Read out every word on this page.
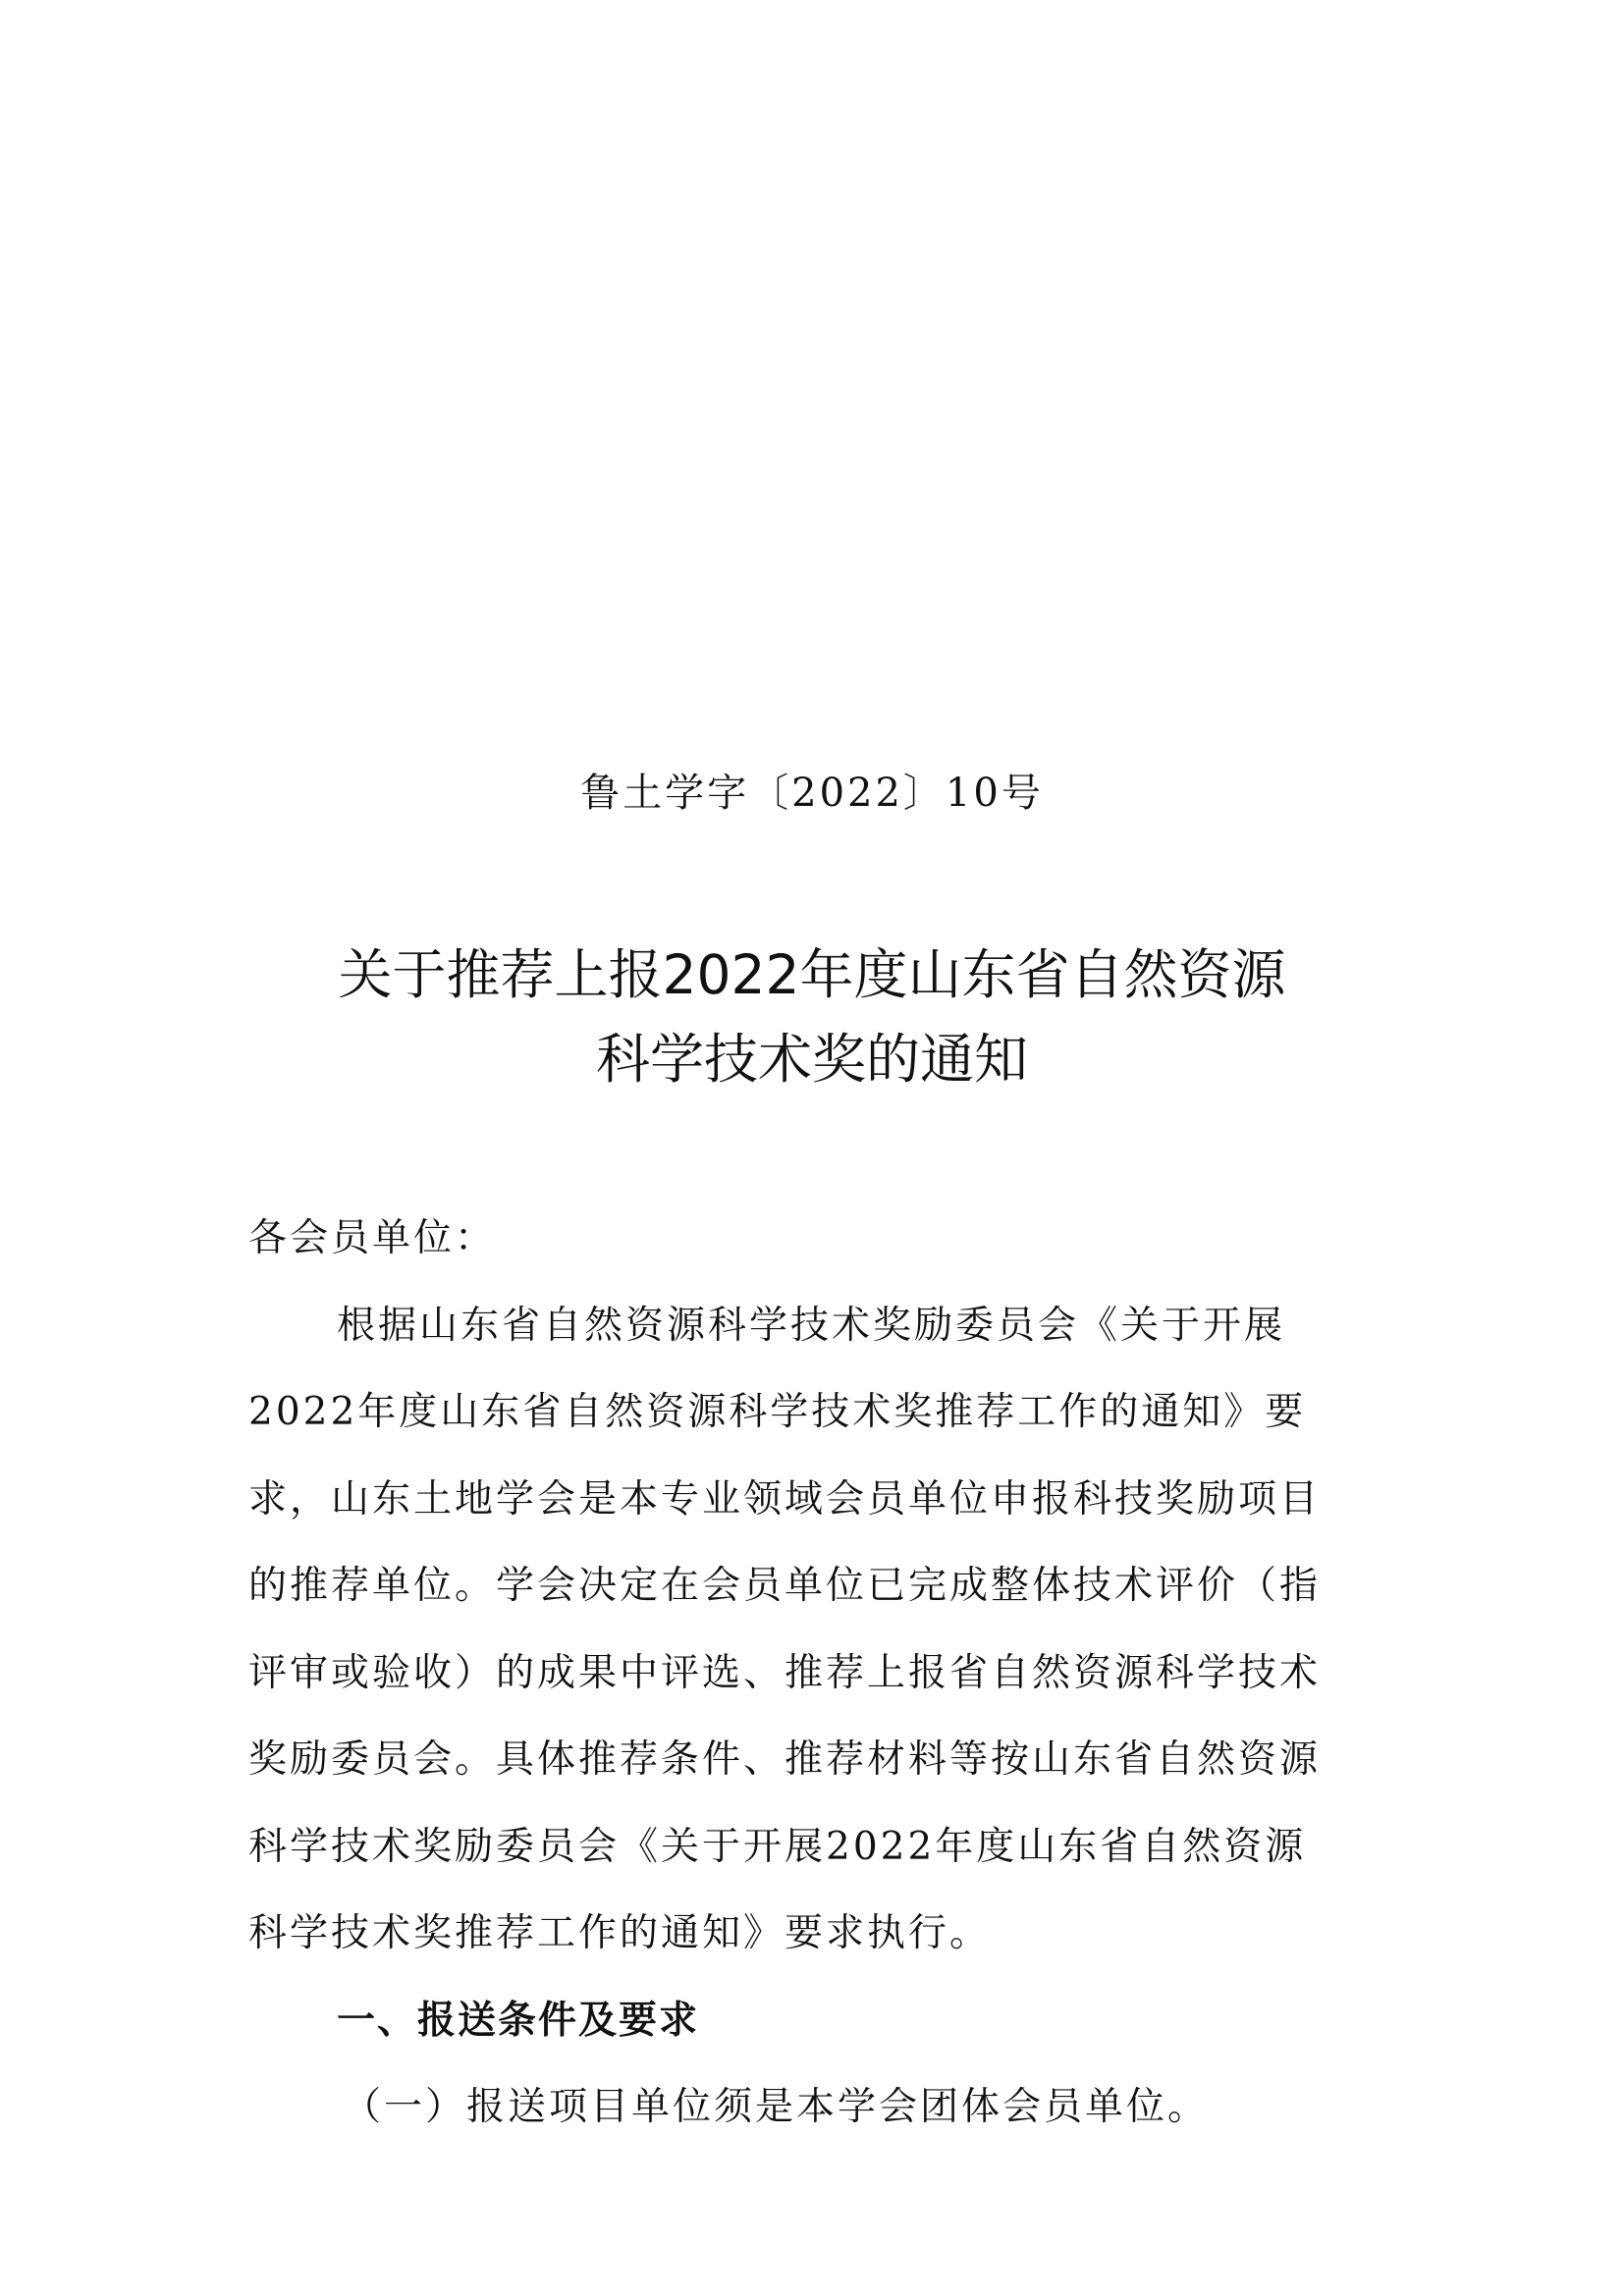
鲁土学字〔2022〕10号
关于推荐上报2022年度山东省自然资源
科学技术奖的通知
各会员单位：
根据山东省自然资源科学技术奖励委员会《关于开展
2022年度山东省自然资源科学技术奖推荐工作的通知》要
求，山东土地学会是本专业领域会员单位申报科技奖励项目
的推荐单位。学会决定在会员单位已完成整体技术评价（指
评审或验收）的成果中评选、推荐上报省自然资源科学技术
奖励委员会。具体推荐条件、推荐材料等按山东省自然资源
科学技术奖励委员会《关于开展2022年度山东省自然资源
科学技术奖推荐工作的通知》要求执行。
一、报送条件及要求
（一）报送项目单位须是本学会团体会员单位。
